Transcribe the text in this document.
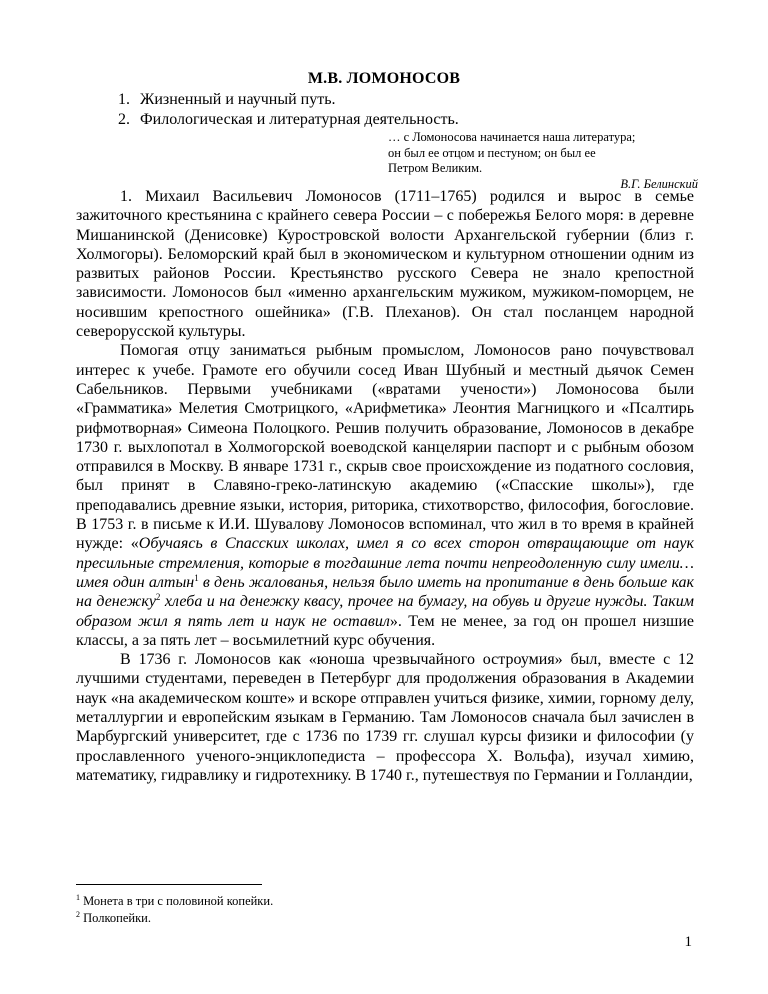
М.В. ЛОМОНОСОВ
1. Жизненный и научный путь.
2. Филологическая и литературная деятельность.
… с Ломоносова начинается наша литература;
он был ее отцом и пестуном; он был ее
Петром Великим.
В.Г. Белинский

1. Михаил Васильевич Ломоносов (1711–1765) родился и вырос в семье зажиточного крестьянина с крайнего севера России – с побережья Белого моря: в деревне Мишанинской (Денисовке) Куростровской волости Архангельской губернии (близ г. Холмогоры). Беломорский край был в экономическом и культурном отношении одним из развитых районов России. Крестьянство русского Севера не знало крепостной зависимости. Ломоносов был «именно архангельским мужиком, мужиком-поморцем, не носившим крепостного ошейника» (Г.В. Плеханов). Он стал посланцем народной северорусской культуры.

Помогая отцу заниматься рыбным промыслом, Ломоносов рано почувствовал интерес к учебе. Грамоте его обучили сосед Иван Шубный и местный дьячок Семен Сабельников. Первыми учебниками («вратами учености») Ломоносова были «Грамматика» Мелетия Смотрицкого, «Арифметика» Леонтия Магницкого и «Псалтирь рифмотворная» Симеона Полоцкого. Решив получить образование, Ломоносов в декабре 1730 г. выхлопотал в Холмогорской воеводской канцелярии паспорт и с рыбным обозом отправился в Москву. В январе 1731 г., скрыв свое происхождение из податного сословия, был принят в Славяно-греко-латинскую академию («Спасские школы»), где преподавались древние языки, история, риторика, стихотворство, философия, богословие. В 1753 г. в письме к И.И. Шувалову Ломоносов вспоминал, что жил в то время в крайней нужде: «Обучаясь в Спасских школах, имел я со всех сторон отвращающие от наук пресильные стремления, которые в тогдашние лета почти непреодоленную силу имели… имея один алтын$^1$ в день жалованья, нельзя было иметь на пропитание в день больше как на денежку$^2$ хлеба и на денежку квасу, прочее на бумагу, на обувь и другие нужды. Таким образом жил я пять лет и наук не оставил». Тем не менее, за год он прошел низшие классы, а за пять лет – восьмилетний курс обучения.

В 1736 г. Ломоносов как «юноша чрезвычайного остроумия» был, вместе с 12 лучшими студентами, переведен в Петербург для продолжения образования в Академии наук «на академическом коште» и вскоре отправлен учиться физике, химии, горному делу, металлургии и европейским языкам в Германию. Там Ломоносов сначала был зачислен в Марбургский университет, где с 1736 по 1739 гг. слушал курсы физики и философии (у прославленного ученого-энциклопедиста – профессора Х. Вольфа), изучал химию, математику, гидравлику и гидротехнику. В 1740 г., путешествуя по Германии и Голландии,

$^1$ Монета в три с половиной копейки.
$^2$ Полкопейки.
1
